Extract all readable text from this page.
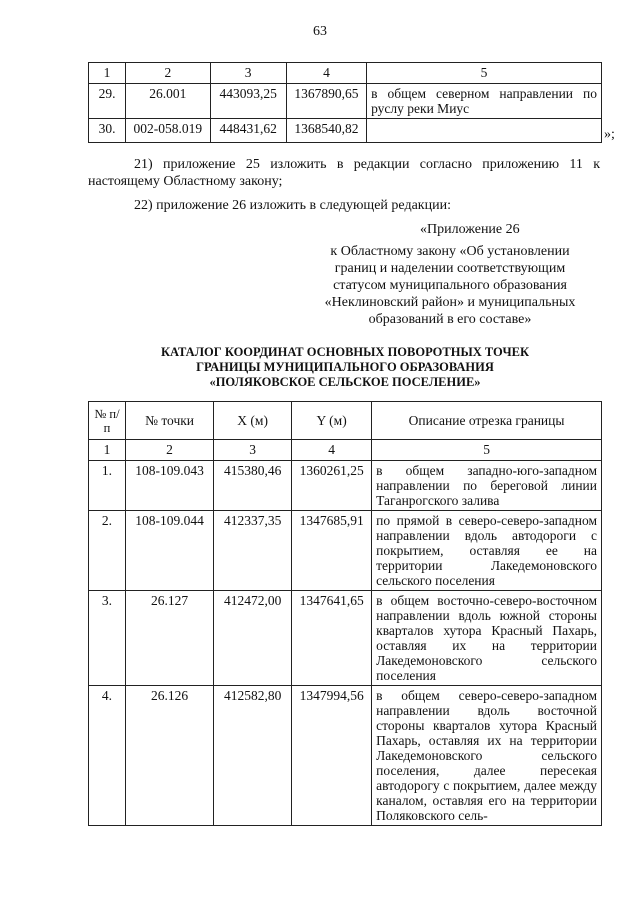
63
1	2	3	4	5
29.	26.001	443093,25	1367890,65	в общем северном направлении по руслу реки Миус
30.	002-058.019	448431,62	1368540,82		»;
21) приложение 25 изложить в редакции согласно приложению 11 к настоящему Областному закону;
22) приложение 26 изложить в следующей редакции:
«Приложение 26
к Областному закону «Об установлении
границ и наделении соответствующим
статусом муниципального образования
«Неклиновский район» и муниципальных
образований в его составе»
КАТАЛОГ КООРДИНАТ ОСНОВНЫХ ПОВОРОТНЫХ ТОЧЕК
ГРАНИЦЫ МУНИЦИПАЛЬНОГО ОБРАЗОВАНИЯ
«ПОЛЯКОВСКОЕ СЕЛЬСКОЕ ПОСЕЛЕНИЕ»
№ п/п	№ точки	X (м)	Y (м)	Описание отрезка границы
1	2	3	4	5
1.	108-109.043	415380,46	1360261,25	в общем западно-юго-западном направлении по береговой линии Таганрогского залива
2.	108-109.044	412337,35	1347685,91	по прямой в северо-северо-западном направлении вдоль автодороги с покрытием, оставляя ее на территории Лакедемоновского сельского поселения
3.	26.127	412472,00	1347641,65	в общем восточно-северо-восточном направлении вдоль южной стороны кварталов хутора Красный Пахарь, оставляя их на территории Лакедемоновского сельского поселения
4.	26.126	412582,80	1347994,56	в общем северо-северо-западном направлении вдоль восточной стороны кварталов хутора Красный Пахарь, оставляя их на территории Лакедемоновского сельского поселения, далее пересекая автодорогу с покрытием, далее между каналом, оставляя его на территории Поляковского сель-
